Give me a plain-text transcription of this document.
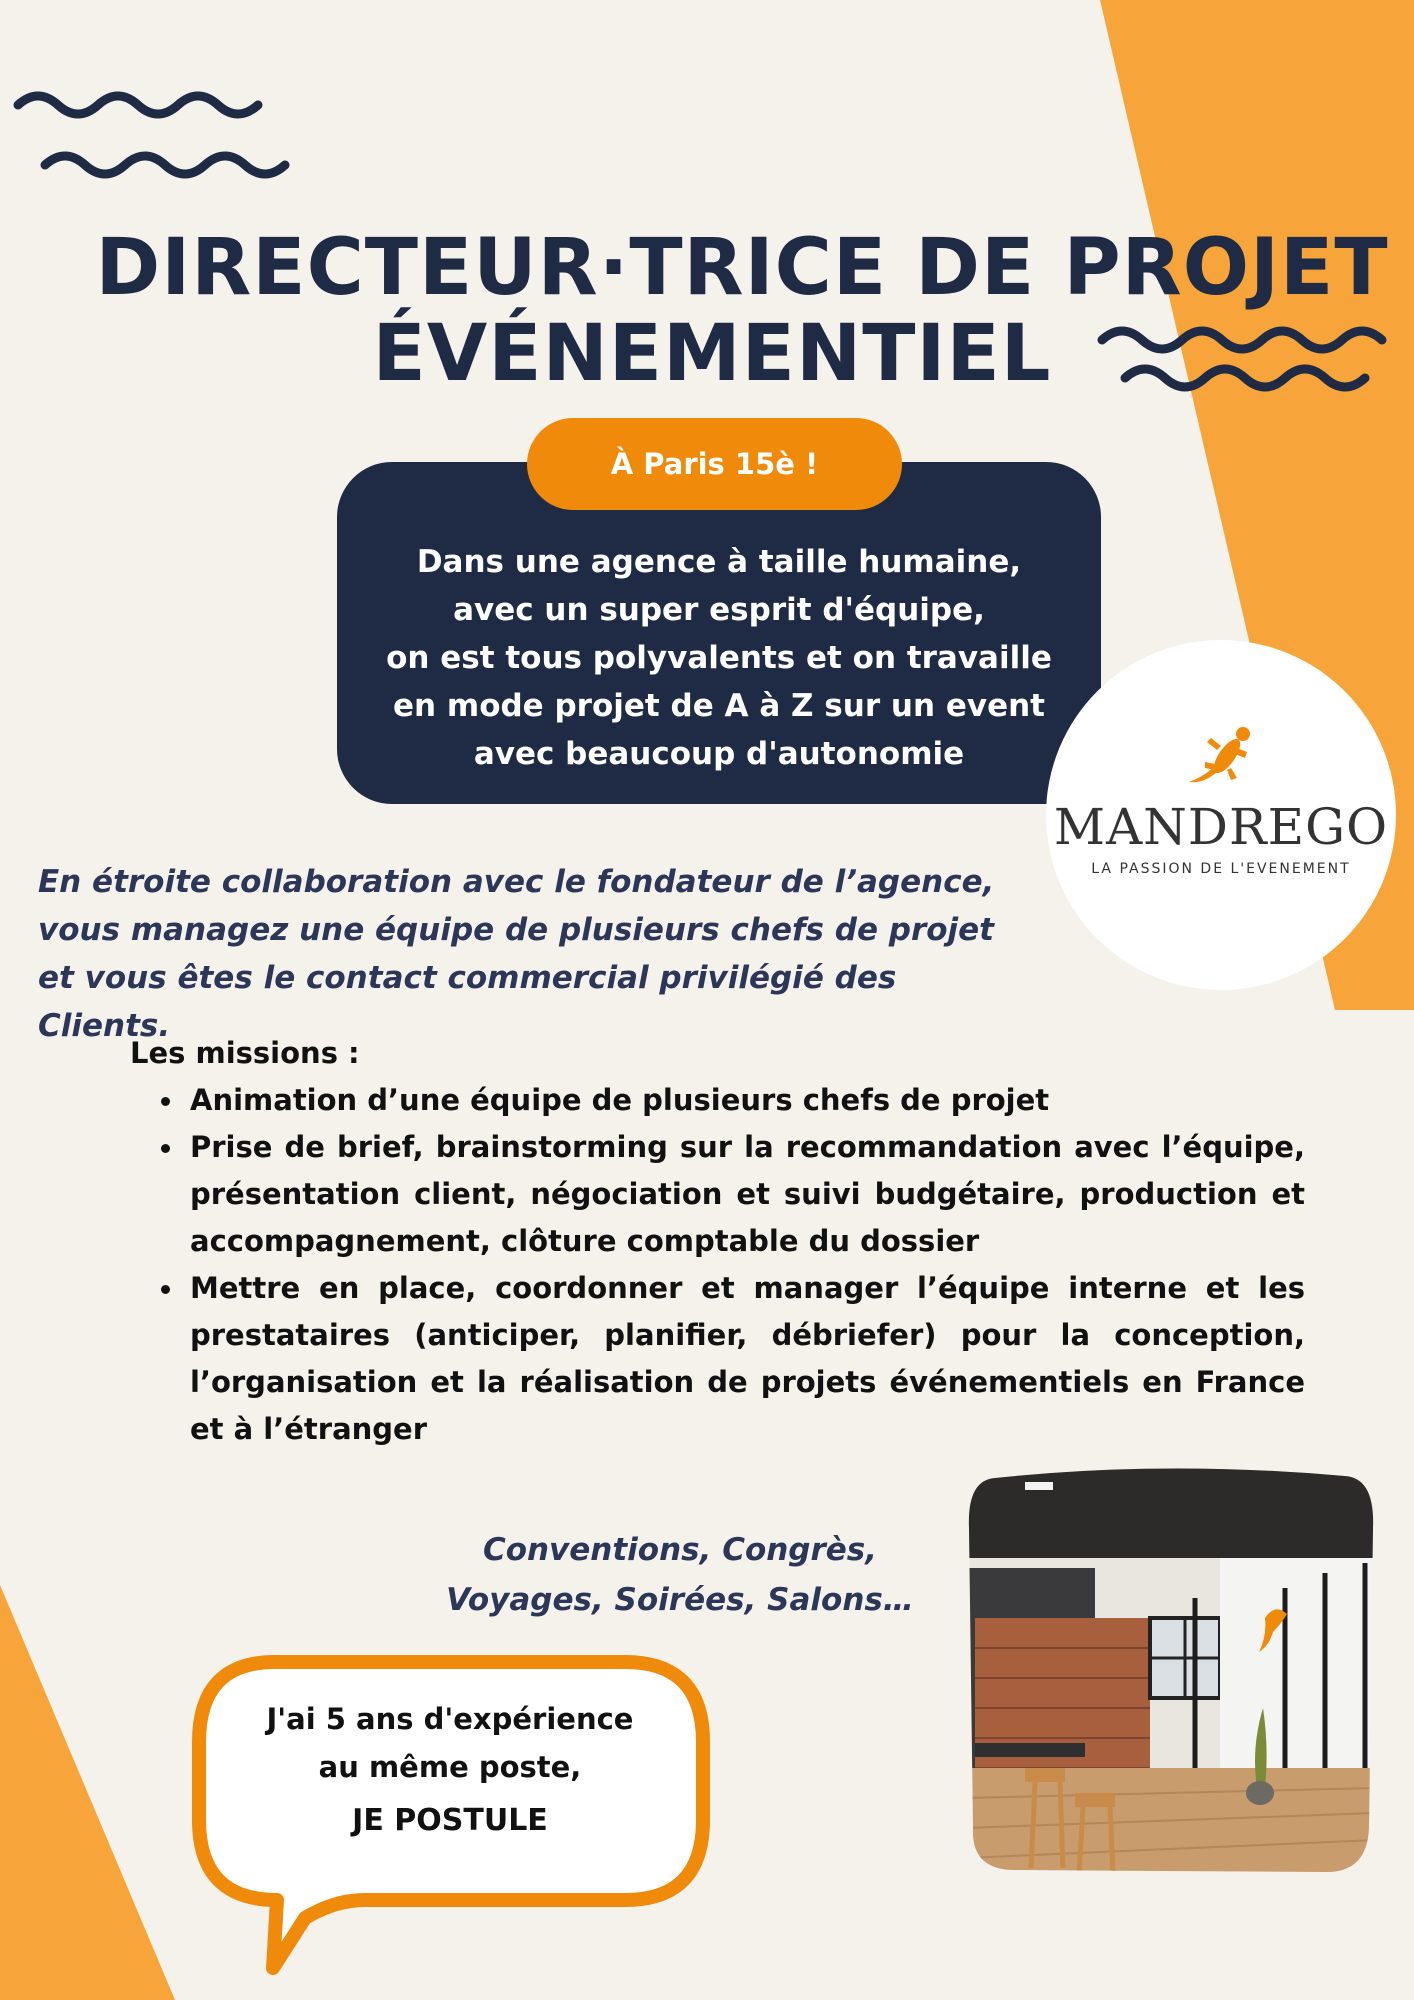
DIRECTEUR·TRICE DE PROJET
ÉVÉNEMENTIEL
À Paris 15è !
Dans une agence à taille humaine,
avec un super esprit d'équipe,
on est tous polyvalents et on travaille
en mode projet de A à Z sur un event
avec beaucoup d'autonomie
MANDREGO
LA PASSION DE L'EVENEMENT
En étroite collaboration avec le fondateur de l’agence,
vous managez une équipe de plusieurs chefs de projet
et vous êtes le contact commercial privilégié des Clients.
Les missions :
Animation d’une équipe de plusieurs chefs de projet
Prise de brief, brainstorming sur la recommandation avec l’équipe, présentation client, négociation et suivi budgétaire, production et accompagnement, clôture comptable du dossier
Mettre en place, coordonner et manager l’équipe interne et les prestataires (anticiper, planifier, débriefer) pour la conception, l’organisation et la réalisation de projets événementiels en France et à l’étranger
Conventions, Congrès,
Voyages, Soirées, Salons…
J'ai 5 ans d'expérience
au même poste,
JE POSTULE
